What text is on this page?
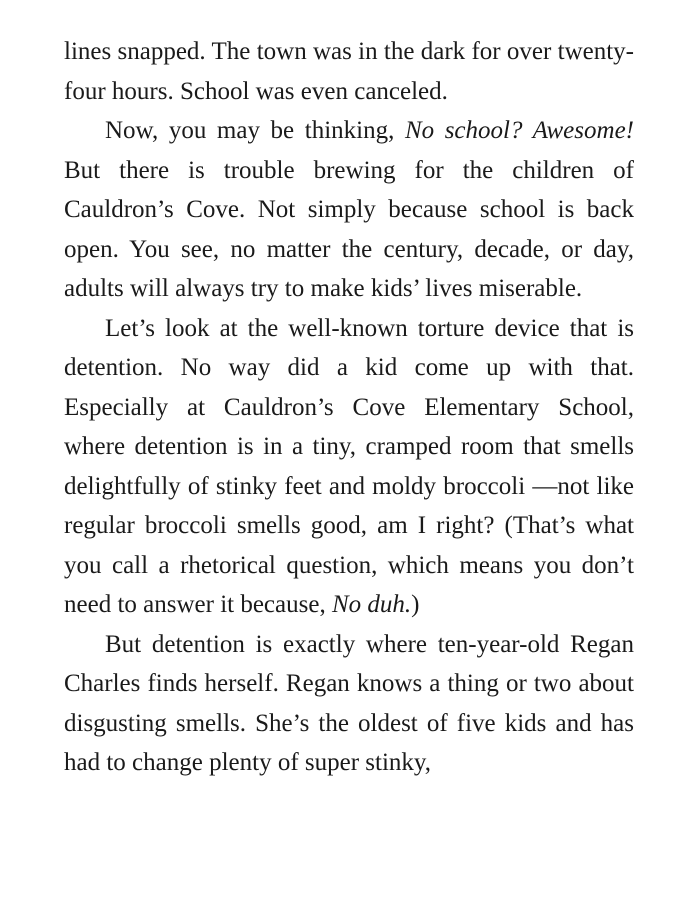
lines snapped. The town was in the dark for over twenty-four hours. School was even canceled.

Now, you may be thinking, No school? Awesome! But there is trouble brewing for the children of Cauldron’s Cove. Not simply because school is back open. You see, no matter the century, decade, or day, adults will always try to make kids’ lives miserable.

Let’s look at the well-known torture device that is detention. No way did a kid come up with that. Especially at Cauldron’s Cove Elementary School, where detention is in a tiny, cramped room that smells delightfully of stinky feet and moldy broccoli —not like regular broccoli smells good, am I right? (That’s what you call a rhetorical question, which means you don’t need to answer it because, No duh.)

But detention is exactly where ten-year-old Regan Charles finds herself. Regan knows a thing or two about disgusting smells. She’s the oldest of five kids and has had to change plenty of super stinky,
